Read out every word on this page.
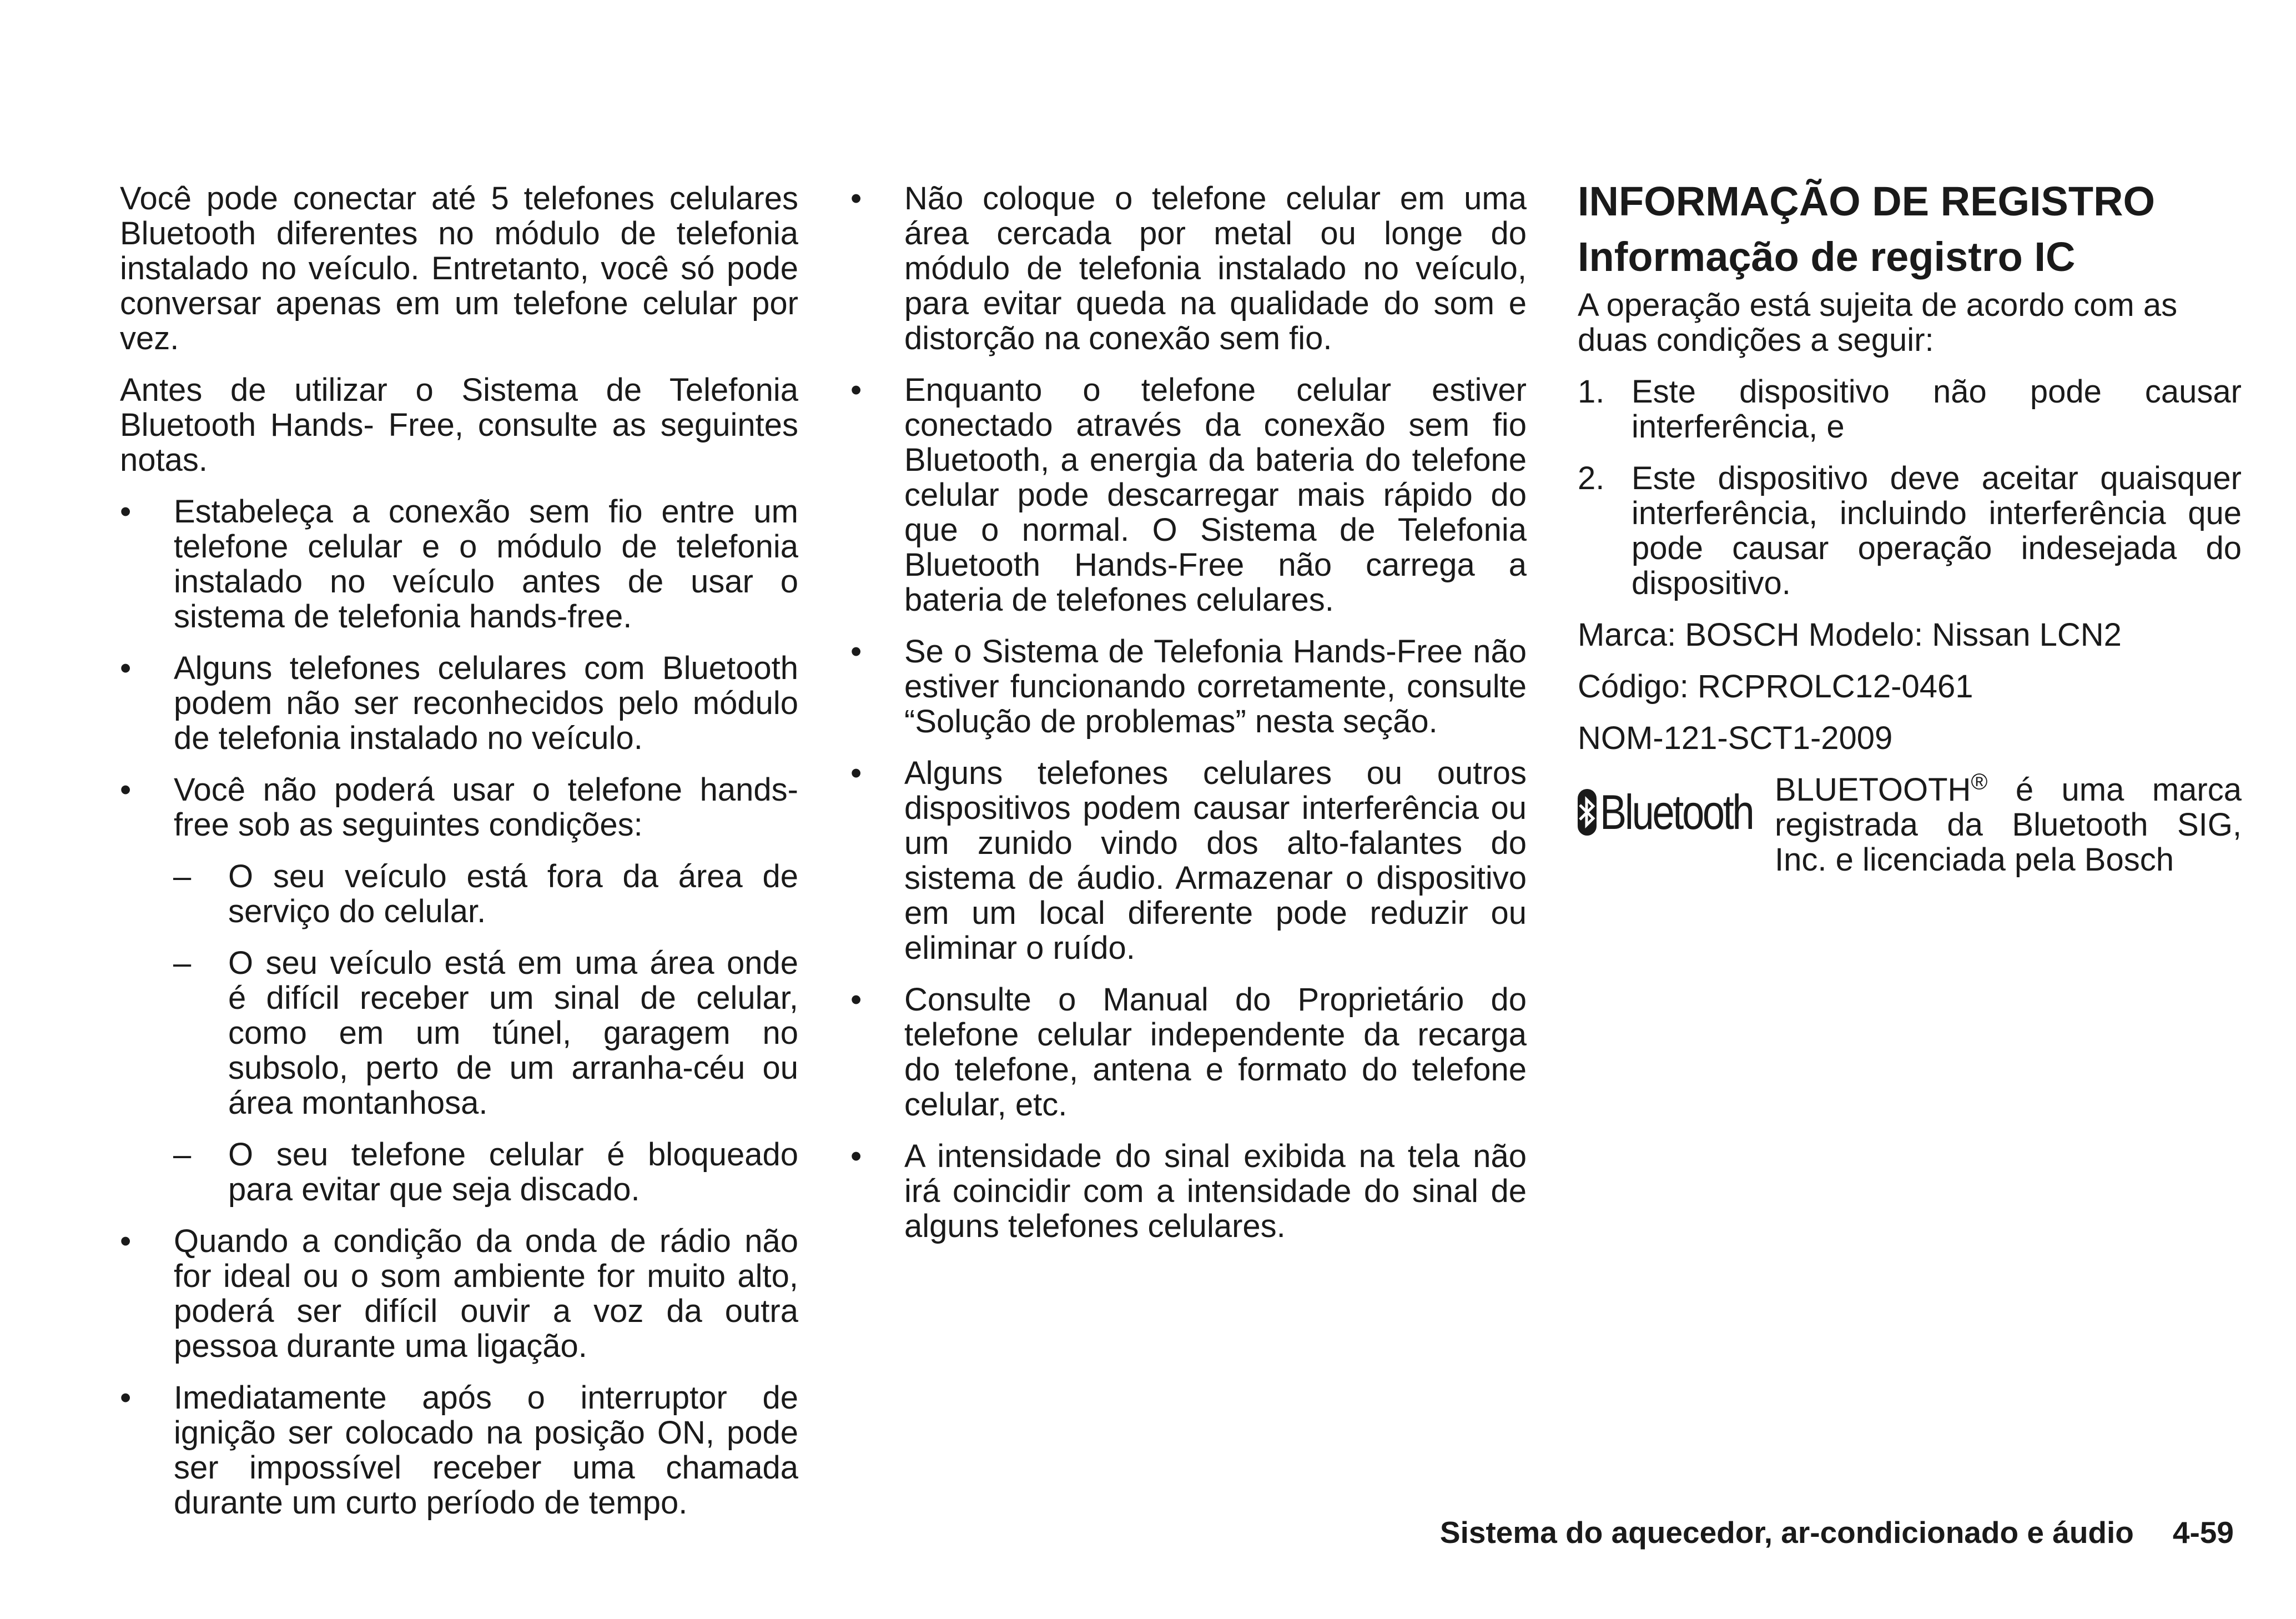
Você pode conectar até 5 telefones celulares Bluetooth diferentes no módulo de telefonia instalado no veículo. Entretanto, você só pode conversar apenas em um telefone celular por vez.

Antes de utilizar o Sistema de Telefonia Bluetooth Hands- Free, consulte as seguintes notas.

• Estabeleça a conexão sem fio entre um telefone celular e o módulo de telefonia instalado no veículo antes de usar o sistema de telefonia hands-free.
• Alguns telefones celulares com Bluetooth podem não ser reconhecidos pelo módulo de telefonia instalado no veículo.
• Você não poderá usar o telefone hands-free sob as seguintes condições:
– O seu veículo está fora da área de serviço do celular.
– O seu veículo está em uma área onde é difícil receber um sinal de celular, como em um túnel, garagem no subsolo, perto de um arranha-céu ou área montanhosa.
– O seu telefone celular é bloqueado para evitar que seja discado.
• Quando a condição da onda de rádio não for ideal ou o som ambiente for muito alto, poderá ser difícil ouvir a voz da outra pessoa durante uma ligação.
• Imediatamente após o interruptor de ignição ser colocado na posição ON, pode ser impossível receber uma chamada durante um curto período de tempo.
• Não coloque o telefone celular em uma área cercada por metal ou longe do módulo de telefonia instalado no veículo, para evitar queda na qualidade do som e distorção na conexão sem fio.
• Enquanto o telefone celular estiver conectado através da conexão sem fio Bluetooth, a energia da bateria do telefone celular pode descarregar mais rápido do que o normal. O Sistema de Telefonia Bluetooth Hands-Free não carrega a bateria de telefones celulares.
• Se o Sistema de Telefonia Hands-Free não estiver funcionando corretamente, consulte “Solução de problemas” nesta seção.
• Alguns telefones celulares ou outros dispositivos podem causar interferência ou um zunido vindo dos alto-falantes do sistema de áudio. Armazenar o dispositivo em um local diferente pode reduzir ou eliminar o ruído.
• Consulte o Manual do Proprietário do telefone celular independente da recarga do telefone, antena e formato do telefone celular, etc.
• A intensidade do sinal exibida na tela não irá coincidir com a intensidade do sinal de alguns telefones celulares.
INFORMAÇÃO DE REGISTRO
Informação de registro IC

A operação está sujeita de acordo com as duas condições a seguir:

1. Este dispositivo não pode causar interferência, e
2. Este dispositivo deve aceitar quaisquer interferência, incluindo interferência que pode causar operação indesejada do dispositivo.

Marca: BOSCH Modelo: Nissan LCN2

Código: RCPROLC12-0461

NOM-121-SCT1-2009

Bluetooth BLUETOOTH® é uma marca registrada da Bluetooth SIG, Inc. e licenciada pela Bosch

Sistema do aquecedor, ar-condicionado e áudio 4-59
